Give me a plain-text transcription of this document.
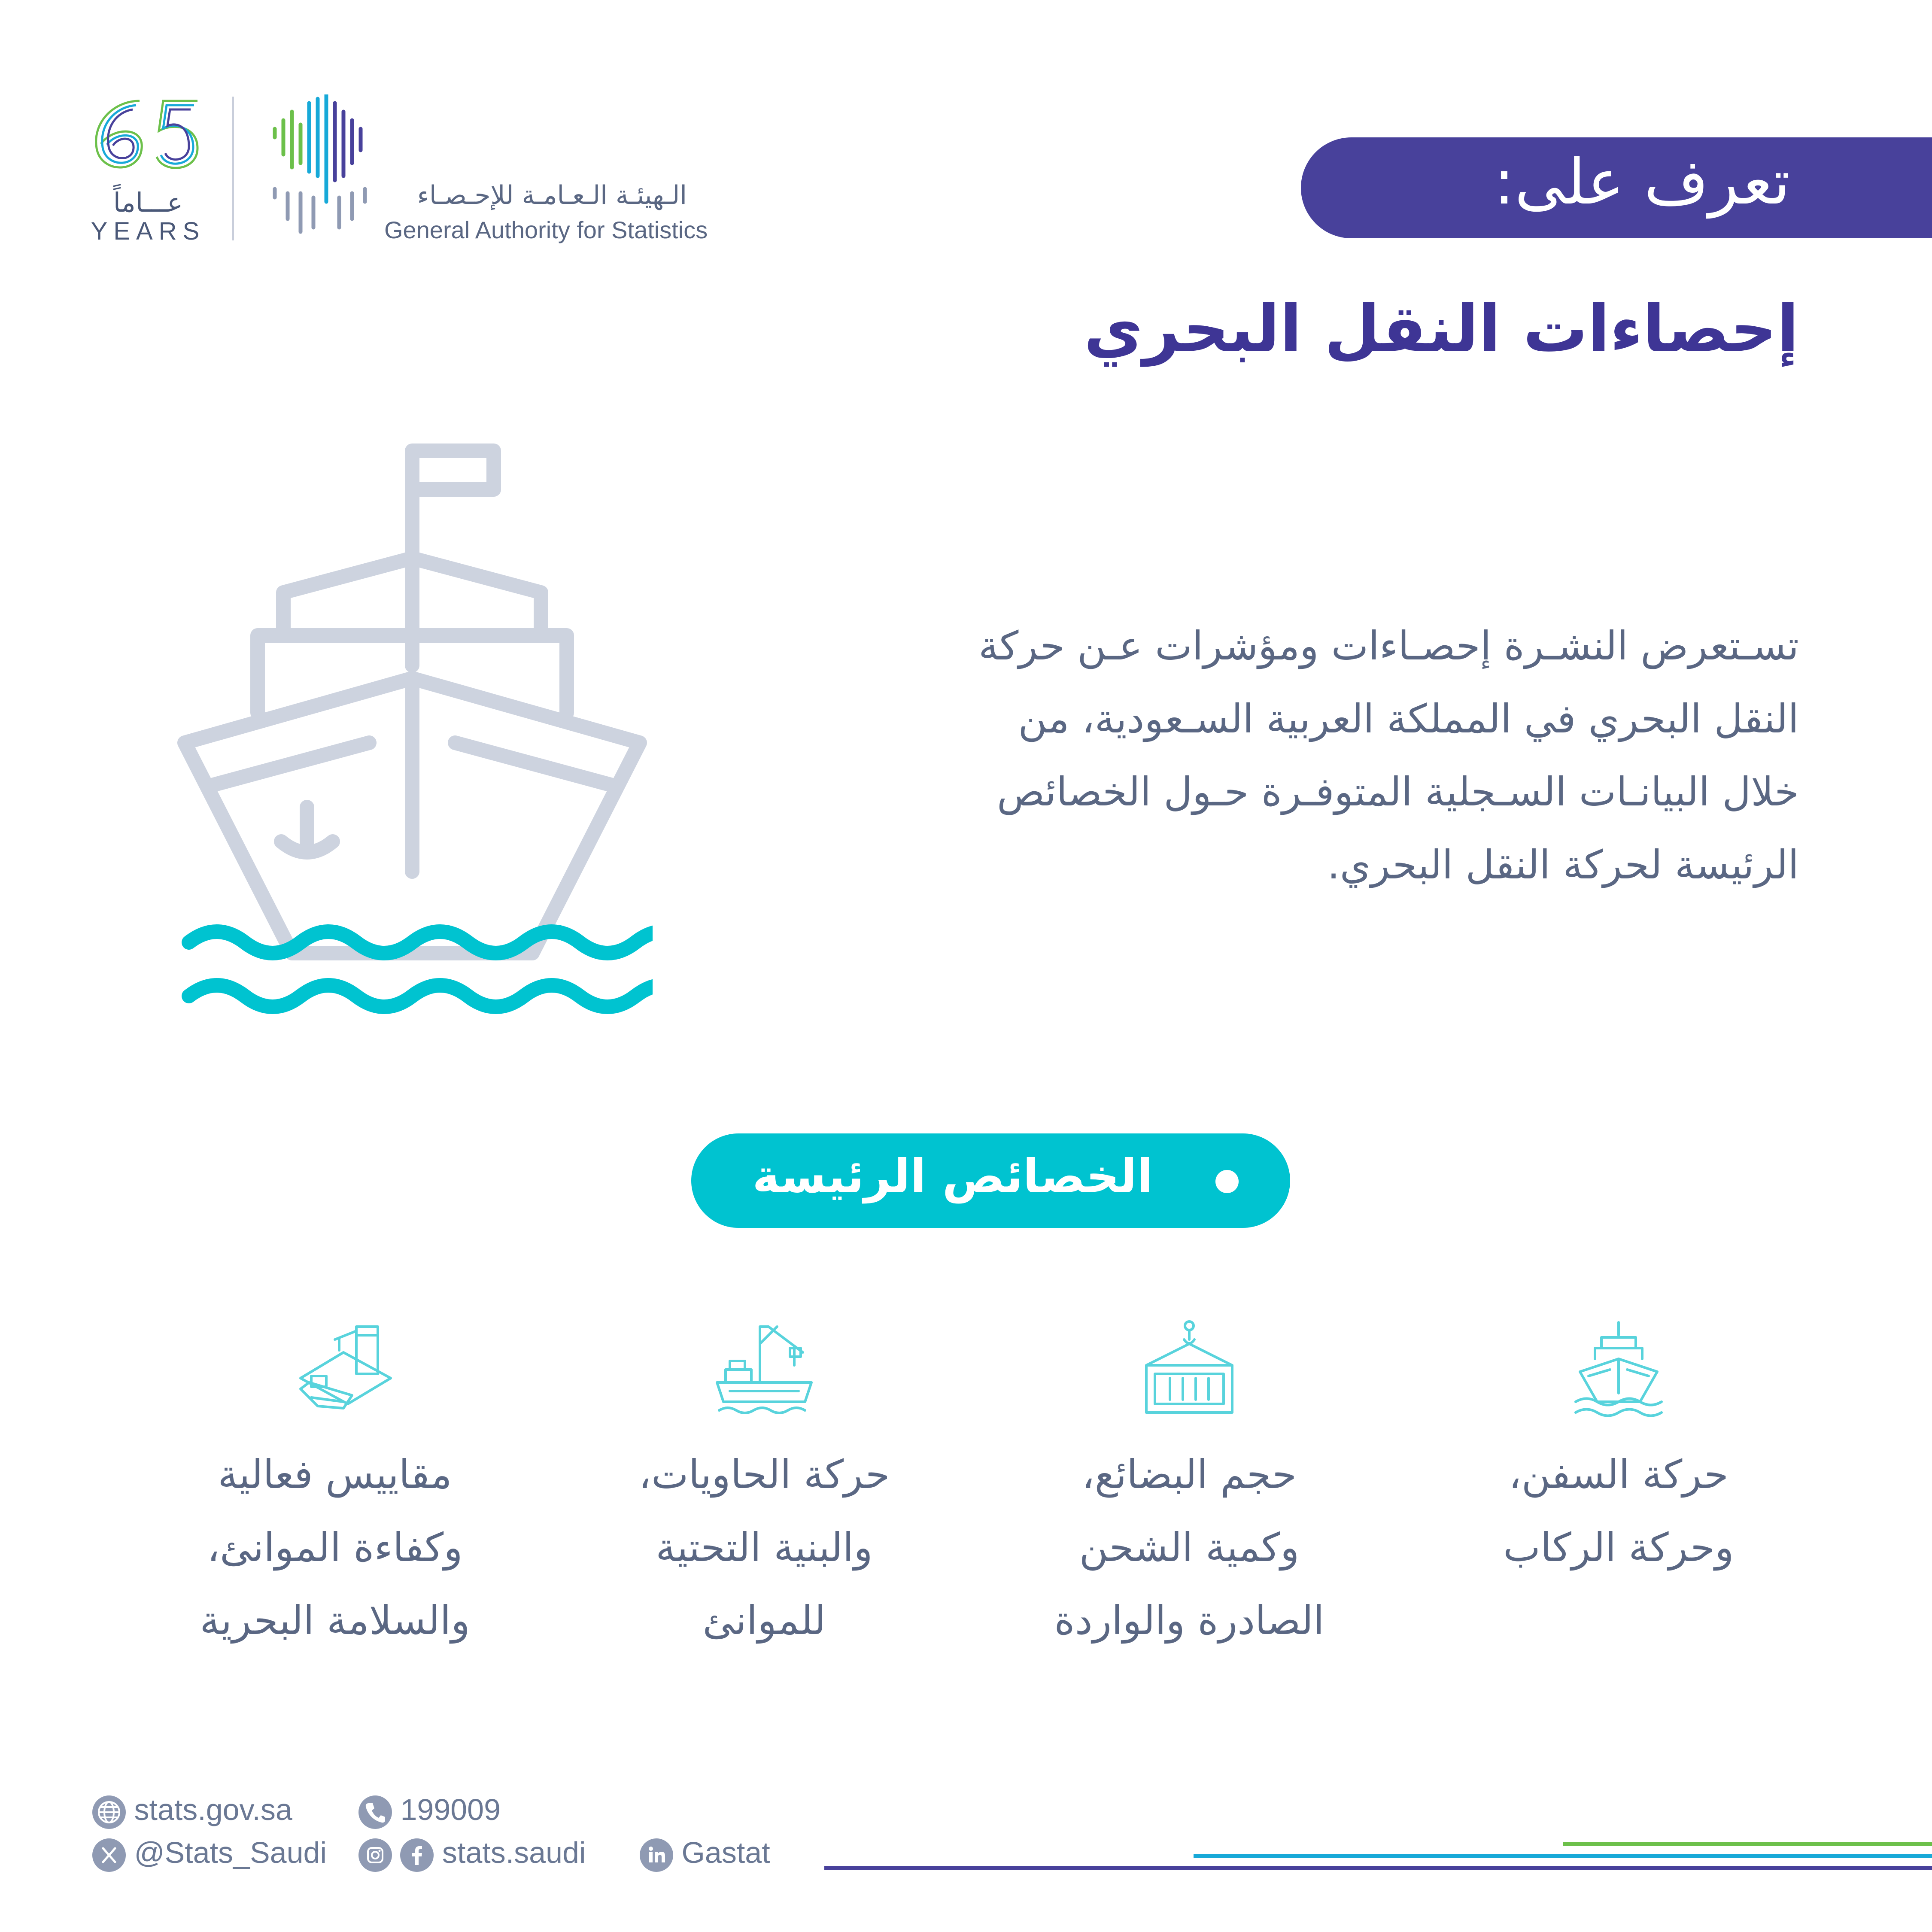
عـــاماً
YEARS
الـهيئـة الـعـامـة للإحـصـاء
General Authority for Statistics
تعرف على:
إحصاءات النقل البحري
تسـتعرض النشـرة إحصـاءات ومؤشرات عـن حركة
النقل البحري في المملكة العربية السـعودية، من
خلال البيانـات السـجلية المتوفـرة حـول الخصائص
الرئيسة لحركة النقل البحري.
الخصائص الرئيسة
حركة السفن،
وحركة الركاب
حجم البضائع،
وكمية الشحن
الصادرة والواردة
حركة الحاويات،
والبنية التحتية
للموانئ
مقاييس فعالية
وكفاءة الموانئ،
والسلامة البحرية
stats.gov.sa	199009
@Stats_Saudi
	stats.saudi	Gastat
